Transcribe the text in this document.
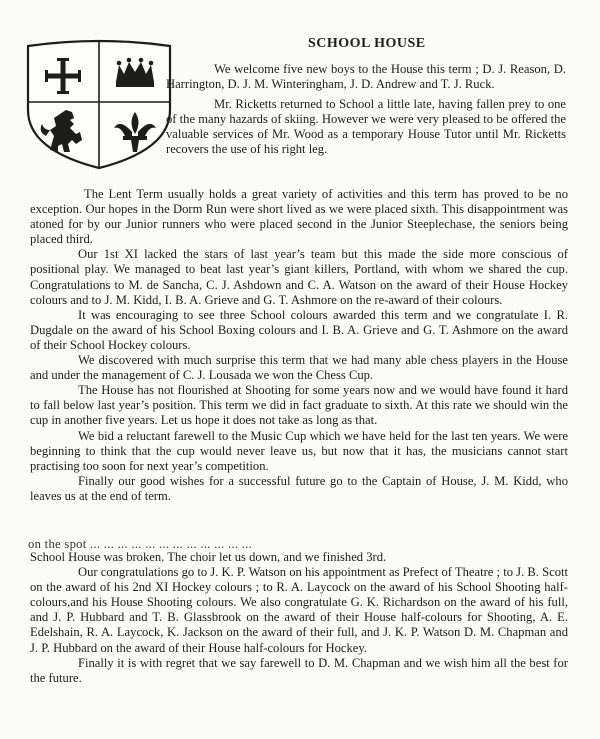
SCHOOL HOUSE

We welcome five new boys to the House this term ; D. J. Reason, D. Harrington, D. J. M. Winteringham, J. D. Andrew and T. J. Ruck.

Mr. Ricketts returned to School a little late, having fallen prey to one of the many hazards of skiing. However we were very pleased to be offered the valuable services of Mr. Wood as a temporary House Tutor until Mr. Ricketts recovers the use of his right leg.

The Lent Term usually holds a great variety of activities and this term has proved to be no exception. Our hopes in the Dorm Run were short lived as we were placed sixth. This disappointment was atoned for by our Junior runners who were placed second in the Junior Steeplechase, the seniors being placed third.

Our 1st XI lacked the stars of last year’s team but this made the side more conscious of positional play. We managed to beat last year’s giant killers, Portland, with whom we shared the cup. Congratulations to M. de Sancha, C. J. Ashdown and C. A. Watson on the award of their House Hockey colours and to J. M. Kidd, I. B. A. Grieve and G. T. Ashmore on the re-award of their colours.

It was encouraging to see three School colours awarded this term and we congratulate I. R. Dugdale on the award of his School Boxing colours and I. B. A. Grieve and G. T. Ashmore on the award of their School Hockey colours.

We discovered with much surprise this term that we had many able chess players in the House and under the management of C. J. Lousada we won the Chess Cup.

The House has not flourished at Shooting for some years now and we would have found it hard to fall below last year’s position. This term we did in fact graduate to sixth. At this rate we should win the cup in another five years. Let us hope it does not take as long as that.

We bid a reluctant farewell to the Music Cup which we have held for the last ten years. We were beginning to think that the cup would never leave us, but now that it has, the musicians cannot start practising too soon for next year’s competition.

Finally our good wishes for a successful future go to the Captain of House, J. M. Kidd, who leaves us at the end of term.

on the spot ... ... ... ... ... ... ... ... ... ... ... ...

School House was broken. The choir let us down, and we finished 3rd.

Our congratulations go to J. K. P. Watson on his appointment as Prefect of Theatre ; to J. B. Scott on the award of his 2nd XI Hockey colours ; to R. A. Laycock on the award of his School Shooting half-colours,and his House Shooting colours. We also congratulate G. K. Richardson on the award of his full, and J. P. Hubbard and T. B. Glassbrook on the award of their House half-colours for Shooting, A. E. Edelshain, R. A. Laycock, K. Jackson on the award of their full, and J. K. P. Watson D. M. Chapman and J. P. Hubbard on the award of their House half-colours for Hockey.

Finally it is with regret that we say farewell to D. M. Chapman and we wish him all the best for the future.
